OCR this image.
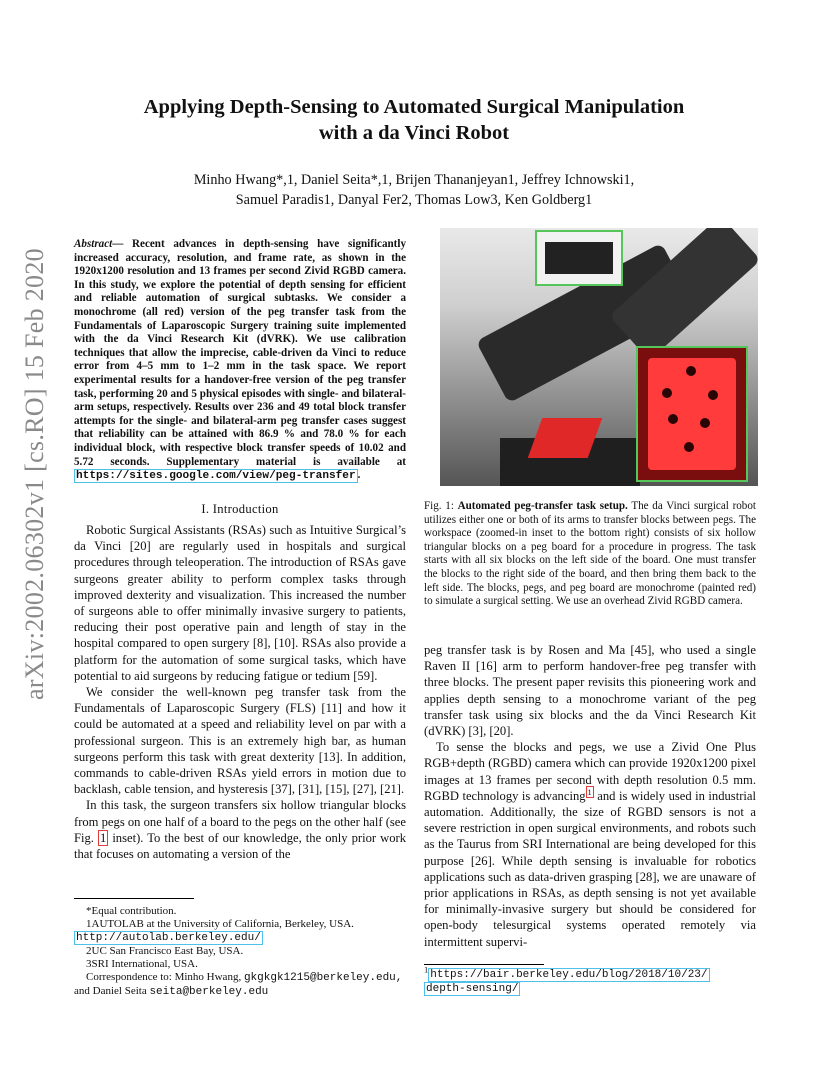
Applying Depth-Sensing to Automated Surgical Manipulation
with a da Vinci Robot
Minho Hwang*,1, Daniel Seita*,1, Brijen Thananjeyan1, Jeffrey Ichnowski1,
Samuel Paradis1, Danyal Fer2, Thomas Low3, Ken Goldberg1
arXiv:2002.06302v1 [cs.RO] 15 Feb 2020
Abstract— Recent advances in depth-sensing have significantly increased accuracy, resolution, and frame rate, as shown in the 1920x1200 resolution and 13 frames per second Zivid RGBD camera. In this study, we explore the potential of depth sensing for efficient and reliable automation of surgical subtasks. We consider a monochrome (all red) version of the peg transfer task from the Fundamentals of Laparoscopic Surgery training suite implemented with the da Vinci Research Kit (dVRK). We use calibration techniques that allow the imprecise, cable-driven da Vinci to reduce error from 4–5 mm to 1–2 mm in the task space. We report experimental results for a handover-free version of the peg transfer task, performing 20 and 5 physical episodes with single- and bilateral-arm setups, respectively. Results over 236 and 49 total block transfer attempts for the single- and bilateral-arm peg transfer cases suggest that reliability can be attained with 86.9 % and 78.0 % for each individual block, with respective block transfer speeds of 10.02 and 5.72 seconds. Supplementary material is available at https://sites.google.com/view/peg-transfer .
I. Introduction

Robotic Surgical Assistants (RSAs) such as Intuitive Surgical’s da Vinci [20] are regularly used in hospitals and surgical procedures through teleoperation. The introduction of RSAs gave surgeons greater ability to perform complex tasks through improved dexterity and visualization. This increased the number of surgeons able to offer minimally invasive surgery to patients, reducing their post operative pain and length of stay in the hospital compared to open surgery [8], [10]. RSAs also provide a platform for the automation of some surgical tasks, which have potential to aid surgeons by reducing fatigue or tedium [59].

We consider the well-known peg transfer task from the Fundamentals of Laparoscopic Surgery (FLS) [11] and how it could be automated at a speed and reliability level on par with a professional surgeon. This is an extremely high bar, as human surgeons perform this task with great dexterity [13]. In addition, commands to cable-driven RSAs yield errors in motion due to backlash, cable tension, and hysteresis [37], [31], [15], [27], [21].

In this task, the surgeon transfers six hollow triangular blocks from pegs on one half of a board to the pegs on the other half (see Fig. 1 inset). To the best of our knowledge, the only prior work that focuses on automating a version of the

*Equal contribution.
1AUTOLAB at the University of California, Berkeley, USA.
http://autolab.berkeley.edu/
2UC San Francisco East Bay, USA.
3SRI International, USA.
Correspondence to: Minho Hwang, gkgkgk1215@berkeley.edu,
and Daniel Seita seita@berkeley.edu
Fig. 1: Automated peg-transfer task setup. The da Vinci surgical robot utilizes either one or both of its arms to transfer blocks between pegs. The workspace (zoomed-in inset to the bottom right) consists of six hollow triangular blocks on a peg board for a procedure in progress. The task starts with all six blocks on the left side of the board. One must transfer the blocks to the right side of the board, and then bring them back to the left side. The blocks, pegs, and peg board are monochrome (painted red) to simulate a surgical setting. We use an overhead Zivid RGBD camera.

peg transfer task is by Rosen and Ma [45], who used a single Raven II [16] arm to perform handover-free peg transfer with three blocks. The present paper revisits this pioneering work and applies depth sensing to a monochrome variant of the peg transfer task using six blocks and the da Vinci Research Kit (dVRK) [3], [20].

To sense the blocks and pegs, we use a Zivid One Plus RGB+depth (RGBD) camera which can provide 1920x1200 pixel images at 13 frames per second with depth resolution 0.5 mm. RGBD technology is advancing $^1$ and is widely used in industrial automation. Additionally, the size of RGBD sensors is not a severe restriction in open surgical environments, and robots such as the Taurus from SRI International are being developed for this purpose [26]. While depth sensing is invaluable for robotics applications such as data-driven grasping [28], we are unaware of prior applications in RSAs, as depth sensing is not yet available for minimally-invasive surgery but should be considered for open-body telesurgical systems operated remotely via intermittent supervi-

$^1$ https://bair.berkeley.edu/blog/2018/10/23/
depth-sensing/
